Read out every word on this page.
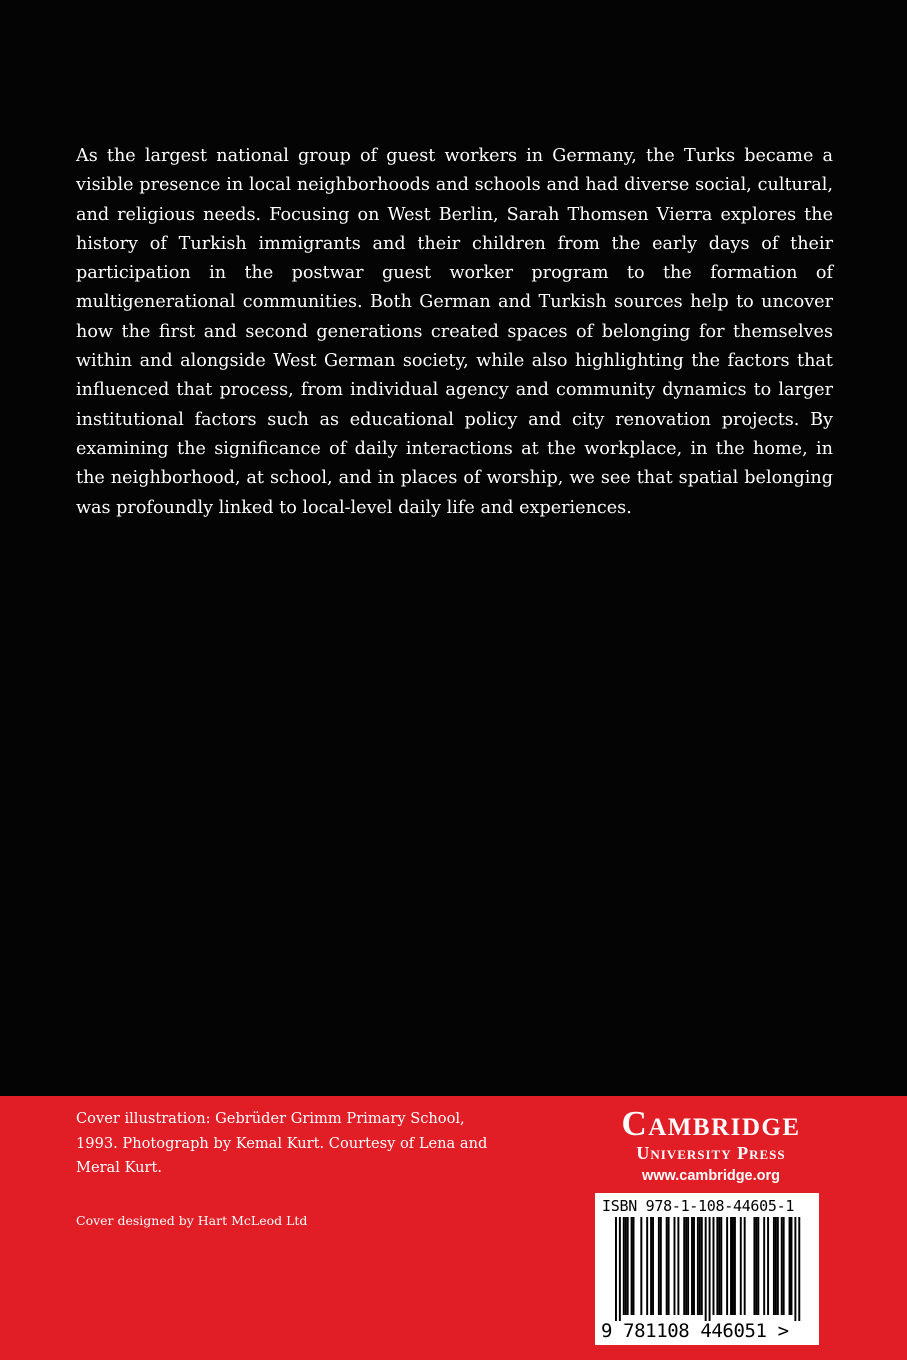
As the largest national group of guest workers in Germany, the Turks became a visible presence in local neighborhoods and schools and had diverse social, cultural, and religious needs. Focusing on West Berlin, Sarah Thomsen Vierra explores the history of Turkish immigrants and their children from the early days of their participation in the postwar guest worker program to the formation of multigenerational communities. Both German and Turkish sources help to uncover how the first and second generations created spaces of belonging for themselves within and alongside West German society, while also highlighting the factors that influenced that process, from individual agency and community dynamics to larger institutional factors such as educational policy and city renovation projects. By examining the significance of daily interactions at the workplace, in the home, in the neighborhood, at school, and in places of worship, we see that spatial belonging was profoundly linked to local-level daily life and experiences.

Cover illustration: Gebrüder Grimm Primary School, 1993. Photograph by Kemal Kurt. Courtesy of Lena and Meral Kurt.

Cover designed by Hart McLeod Ltd

Cambridge
University Press
www.cambridge.org
ISBN 978-1-108-44605-1
9 781108 446051 >
